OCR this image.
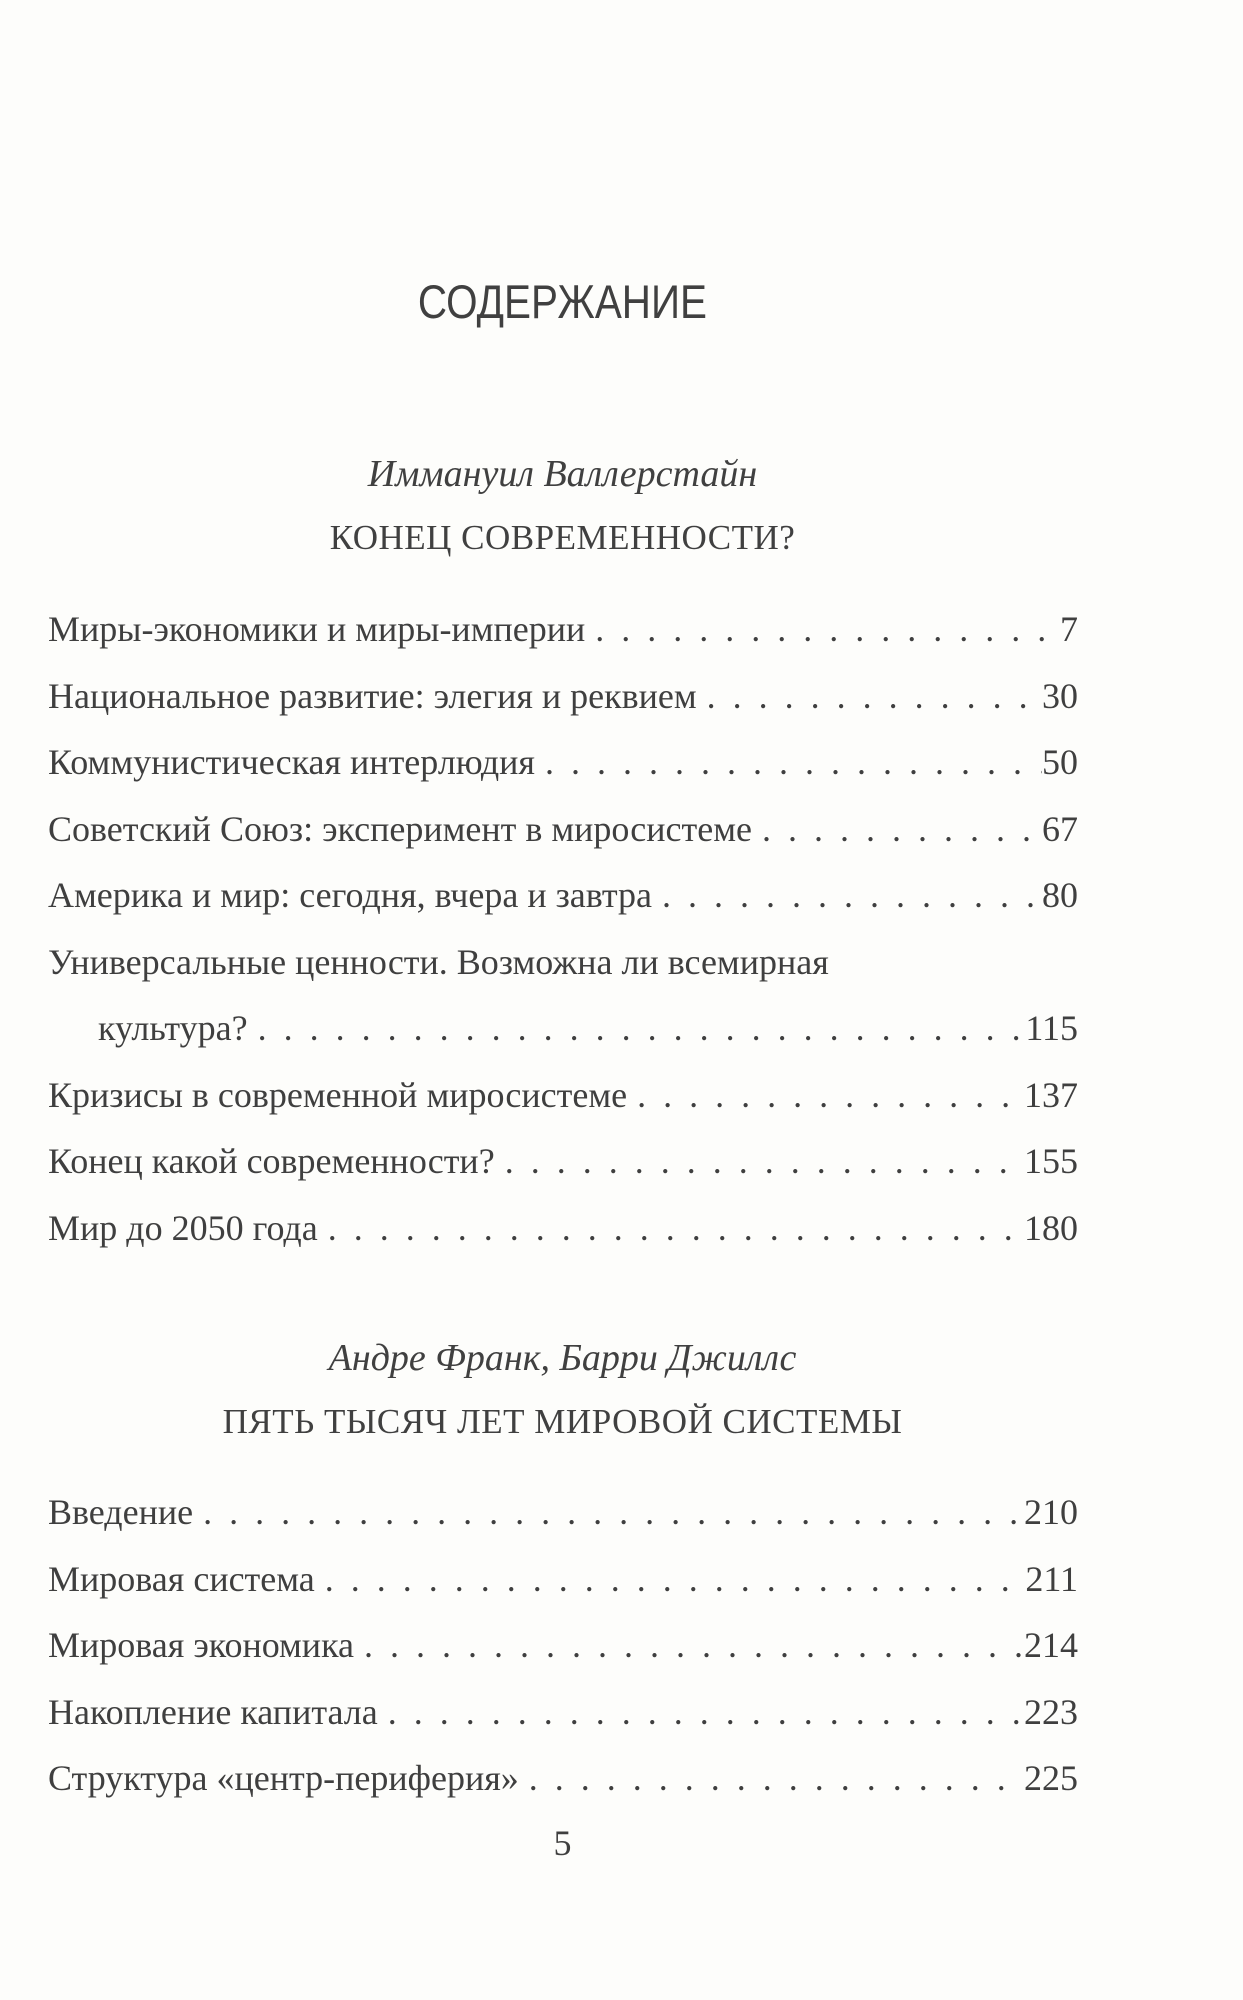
СОДЕРЖАНИЕ

Иммануил Валлерстайн

КОНЕЦ СОВРЕМЕННОСТИ?

Миры-экономики и миры-империи . . .	7
Национальное развитие: элегия и реквием . . .	30
Коммунистическая интерлюдия . . .	50
Советский Союз: эксперимент в миросистеме . . .	67
Америка и мир: сегодня, вчера и завтра . . .	80
Универсальные ценности. Возможна ли всемирная
культура? . . .	115
Кризисы в современной миросистеме . . .	137
Конец какой современности? . . .	155
Мир до 2050 года . . .	180

Андре Франк, Барри Джиллс

ПЯТЬ ТЫСЯЧ ЛЕТ МИРОВОЙ СИСТЕМЫ

Введение . . .	210
Мировая система . . .	211
Мировая экономика . . .	214
Накопление капитала . . .	223
Структура «центр-периферия» . . .	225

5
